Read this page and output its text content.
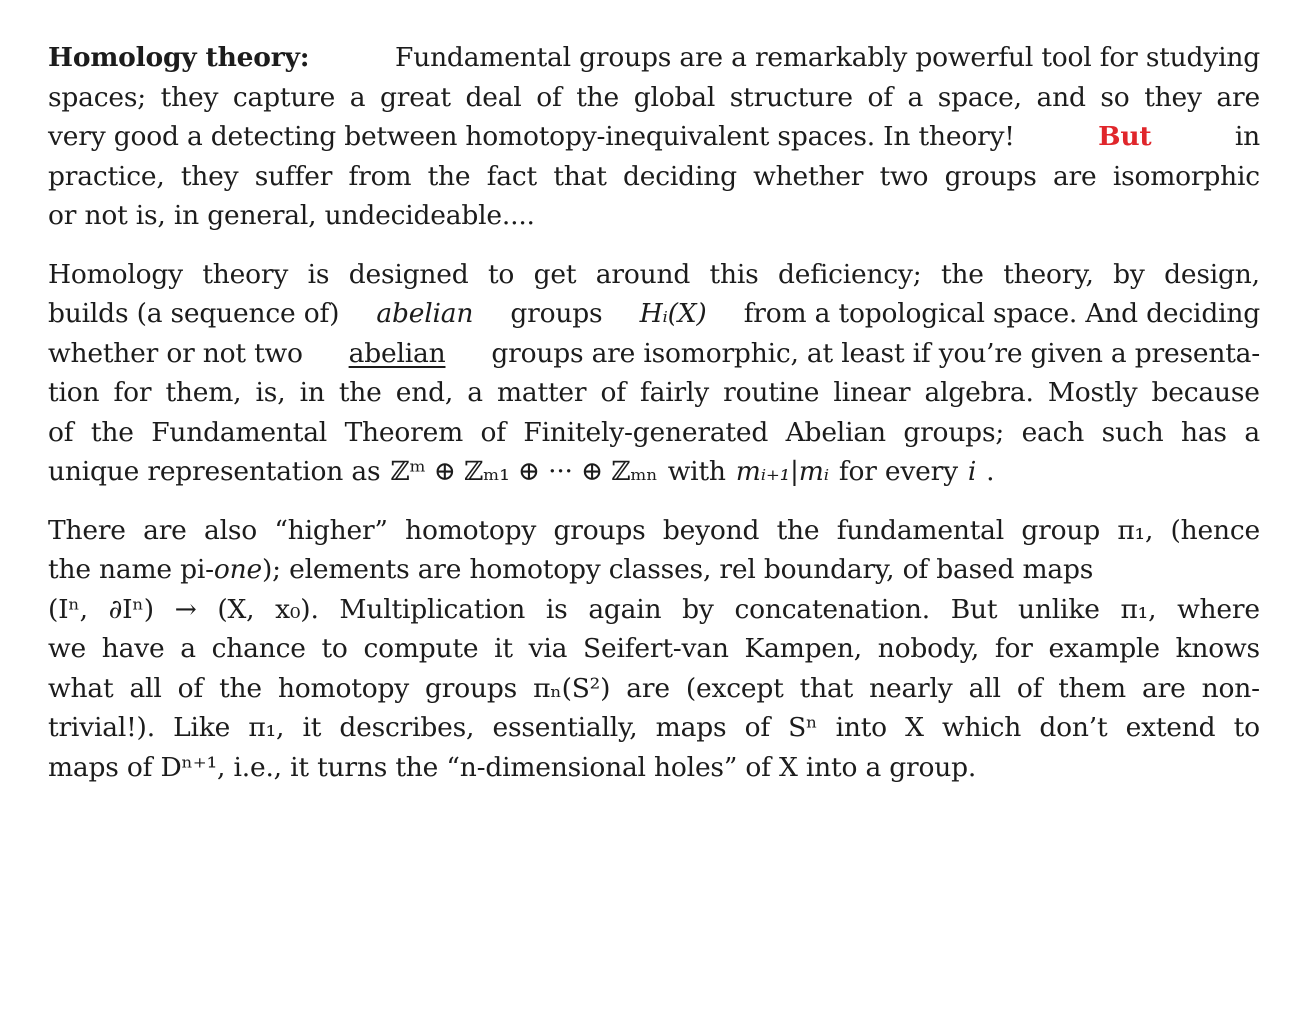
Homology theory:	Fundamental groups are a remarkably powerful tool for studying
spaces; they capture a great deal of the global structure of a space, and so they are
very good a detecting between homotopy-inequivalent spaces. In theory!	But	in
practice, they suffer from the fact that deciding whether two groups are isomorphic
or not is, in general, undecideable....
Homology theory is designed to get around this deficiency; the theory, by design,
builds (a sequence of) abelian groups Hᵢ(X) from a topological space. And deciding
whether or not two abelian groups are isomorphic, at least if you’re given a presenta-
tion for them, is, in the end, a matter of fairly routine linear algebra. Mostly because
of the Fundamental Theorem of Finitely-generated Abelian groups; each such has a
unique representation as ℤᵐ ⊕ ℤₘ₁ ⊕ ··· ⊕ ℤₘₙ with mᵢ₊₁|mᵢ for every i .
There are also “higher” homotopy groups beyond the fundamental group π₁, (hence
the name pi-one); elements are homotopy classes, rel boundary, of based maps
(Iⁿ, ∂Iⁿ) → (X, x₀). Multiplication is again by concatenation. But unlike π₁, where
we have a chance to compute it via Seifert-van Kampen, nobody, for example knows
what all of the homotopy groups πₙ(S²) are (except that nearly all of them are non-
trivial!). Like π₁, it describes, essentially, maps of Sⁿ into X which don’t extend to
maps of Dⁿ⁺¹, i.e., it turns the “n-dimensional holes” of X into a group.
